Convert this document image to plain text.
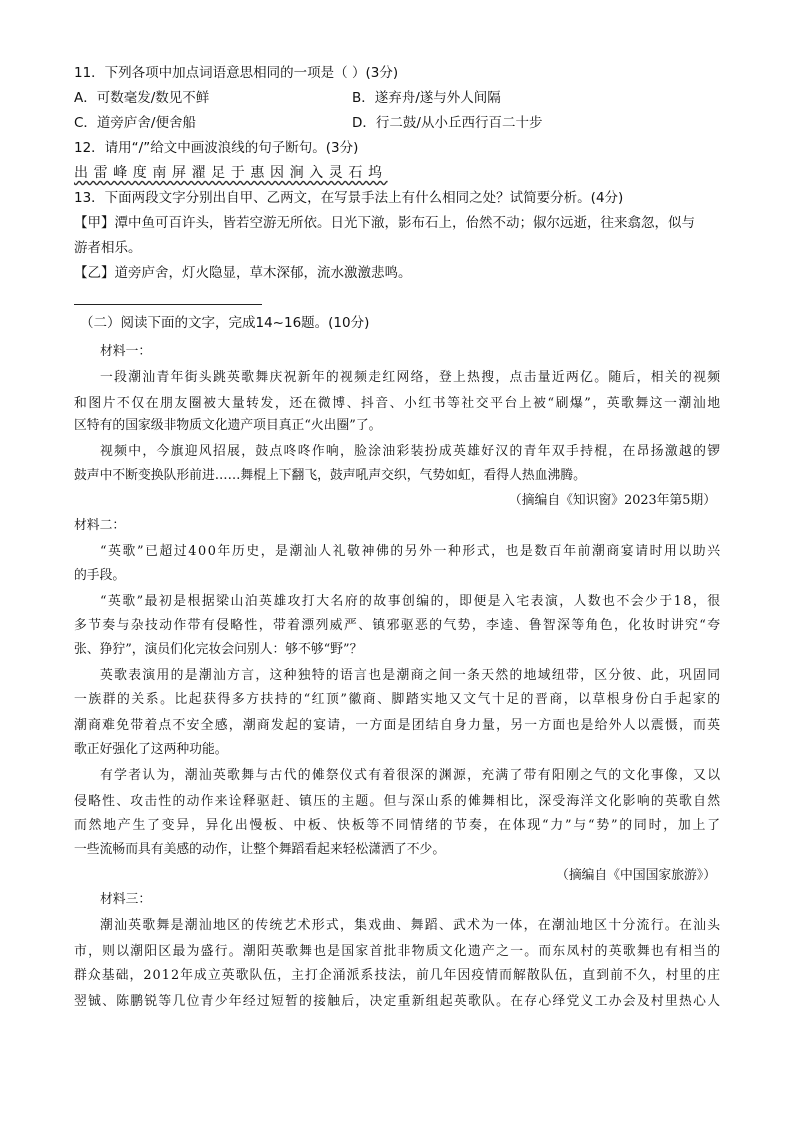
11．下列各项中加点词语意思相同的一项是（ ）(3分)
A．可数毫发/数见不鲜	B．遂弃舟/遂与外人间隔
C．道旁庐舍/便舍船	D．行二鼓/从小丘西行百二十步
12．请用“/”给文中画波浪线的句子断句。(3分)
出雷峰度南屏濯足于惠因涧入灵石坞
13．下面两段文字分别出自甲、乙两文，在写景手法上有什么相同之处？试简要分析。(4分)
【甲】潭中鱼可百许头，皆若空游无所依。日光下澈，影布石上，佁然不动；俶尔远逝，往来翕忽，似与
游者相乐。
【乙】道旁庐舍，灯火隐显，草木深郁，流水激激悲鸣。
（二）阅读下面的文字，完成14~16题。(10分)
材料一：
一段潮汕青年街头跳英歌舞庆祝新年的视频走红网络，登上热搜，点击量近两亿。随后，相关的视频
和图片不仅在朋友圈被大量转发，还在微博、抖音、小红书等社交平台上被“刷爆”，英歌舞这一潮汕地
区特有的国家级非物质文化遗产项目真正“火出圈”了。
视频中，今旗迎风招展，鼓点咚咚作响，脸涂油彩装扮成英雄好汉的青年双手持棍，在昂扬激越的锣
鼓声中不断变换队形前进……舞棍上下翻飞，鼓声吼声交织，气势如虹，看得人热血沸腾。
（摘编自《知识窗》2023年第5期）
材料二：
“英歌”已超过400年历史，是潮汕人礼敬神佛的另外一种形式，也是数百年前潮商宴请时用以助兴
的手段。
“英歌”最初是根据梁山泊英雄攻打大名府的故事创编的，即便是入宅表演，人数也不会少于18，很
多节奏与杂技动作带有侵略性，带着漂列威严、镇邪驱恶的气势，李逵、鲁智深等角色，化妆时讲究“夸
张、狰狞”，演员们化完妆会问别人：够不够“野”？
英歌表演用的是潮汕方言，这种独特的语言也是潮商之间一条天然的地域纽带，区分彼、此，巩固同
一族群的关系。比起获得多方扶持的“红顶”徽商、脚踏实地又文气十足的晋商，以草根身份白手起家的
潮商难免带着点不安全感，潮商发起的宴请，一方面是团结自身力量，另一方面也是给外人以震慑，而英
歌正好强化了这两种功能。
有学者认为，潮汕英歌舞与古代的傩祭仪式有着很深的渊源，充满了带有阳刚之气的文化事像，又以
侵略性、攻击性的动作来诠释驱赶、镇压的主题。但与深山系的傩舞相比，深受海洋文化影响的英歌自然
而然地产生了变异，异化出慢板、中板、快板等不同情绪的节奏，在体现“力”与“势”的同时，加上了
一些流畅而具有美感的动作，让整个舞蹈看起来轻松潇洒了不少。
（摘编自《中国国家旅游》）
材料三：
潮汕英歌舞是潮汕地区的传统艺术形式，集戏曲、舞蹈、武术为一体，在潮汕地区十分流行。在汕头
市，则以潮阳区最为盛行。潮阳英歌舞也是国家首批非物质文化遗产之一。而东凤村的英歌舞也有相当的
群众基础，2012年成立英歌队伍，主打企涌派系技法，前几年因疫情而解散队伍，直到前不久，村里的庄
翌铖、陈鹏锐等几位青少年经过短暂的接触后，决定重新组起英歌队。在存心绎党义工办会及村里热心人
